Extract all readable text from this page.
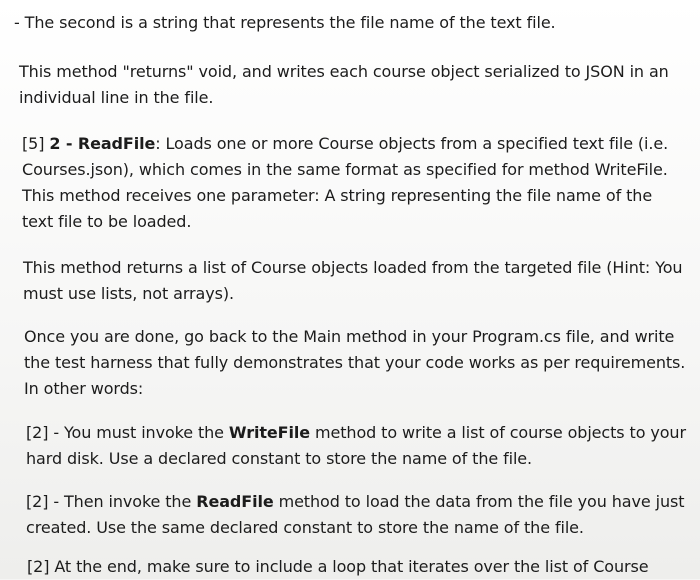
- The second is a string that represents the file name of the text file.

This method "returns" void, and writes each course object serialized to JSON in an individual line in the file.

[5] 2 - ReadFile: Loads one or more Course objects from a specified text file (i.e. Courses.json), which comes in the same format as specified for method WriteFile. This method receives one parameter: A string representing the file name of the text file to be loaded.

This method returns a list of Course objects loaded from the targeted file (Hint: You must use lists, not arrays).

Once you are done, go back to the Main method in your Program.cs file, and write the test harness that fully demonstrates that your code works as per requirements. In other words:

[2] - You must invoke the WriteFile method to write a list of course objects to your hard disk. Use a declared constant to store the name of the file.

[2] - Then invoke the ReadFile method to load the data from the file you have just created. Use the same declared constant to store the name of the file.

[2] At the end, make sure to include a loop that iterates over the list of Course
